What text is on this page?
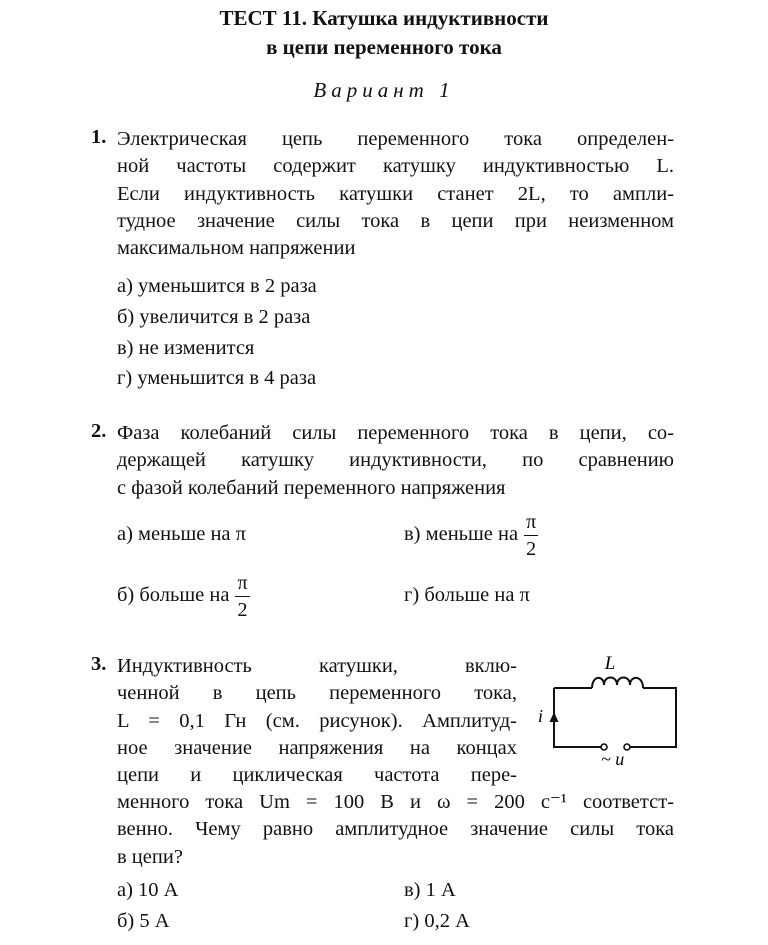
ТЕСТ 11. Катушка индуктивности
в цепи переменного тока
Вариант 1
1. Электрическая цепь переменного тока определен-
ной частоты содержит катушку индуктивностью L.
Если индуктивность катушки станет 2L, то ампли-
тудное значение силы тока в цепи при неизменном
максимальном напряжении
а) уменьшится в 2 раза
б) увеличится в 2 раза
в) не изменится
г) уменьшится в 4 раза
2. Фаза колебаний силы переменного тока в цепи, со-
держащей катушку индуктивности, по сравнению
с фазой колебаний переменного напряжения
а) меньше на π	в) меньше на $\frac{\pi}{2}$
б) больше на $\frac{\pi}{2}$	г) больше на π
3. Индуктивность катушки, вклю-
ченной в цепь переменного тока,
L = 0,1 Гн (см. рисунок). Амплитуд-
ное значение напряжения на концах
цепи и циклическая частота пере-
менного тока Um = 100 В и ω = 200 с⁻¹ соответст-
венно. Чему равно амплитудное значение силы тока
в цепи?
L
i
~ u
а) 10 А	в) 1 А
б) 5 А	г) 0,2 А
